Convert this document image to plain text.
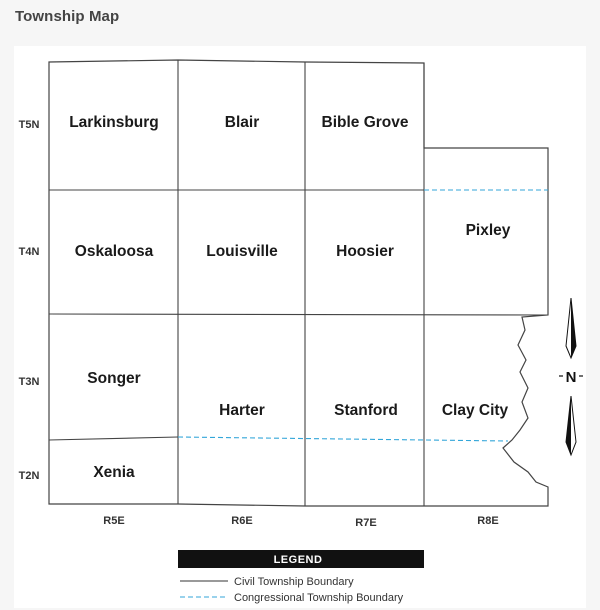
Township Map
Larkinsburg	Blair	Bible Grove
Oskaloosa	Louisville	Hoosier
Pixley
Songer
Harter	Stanford	Clay City
Xenia
T5N
T4N
T3N
T2N
R5E	R6E	R7E	R8E
N
LEGEND
Civil Township Boundary
Congressional Township Boundary
